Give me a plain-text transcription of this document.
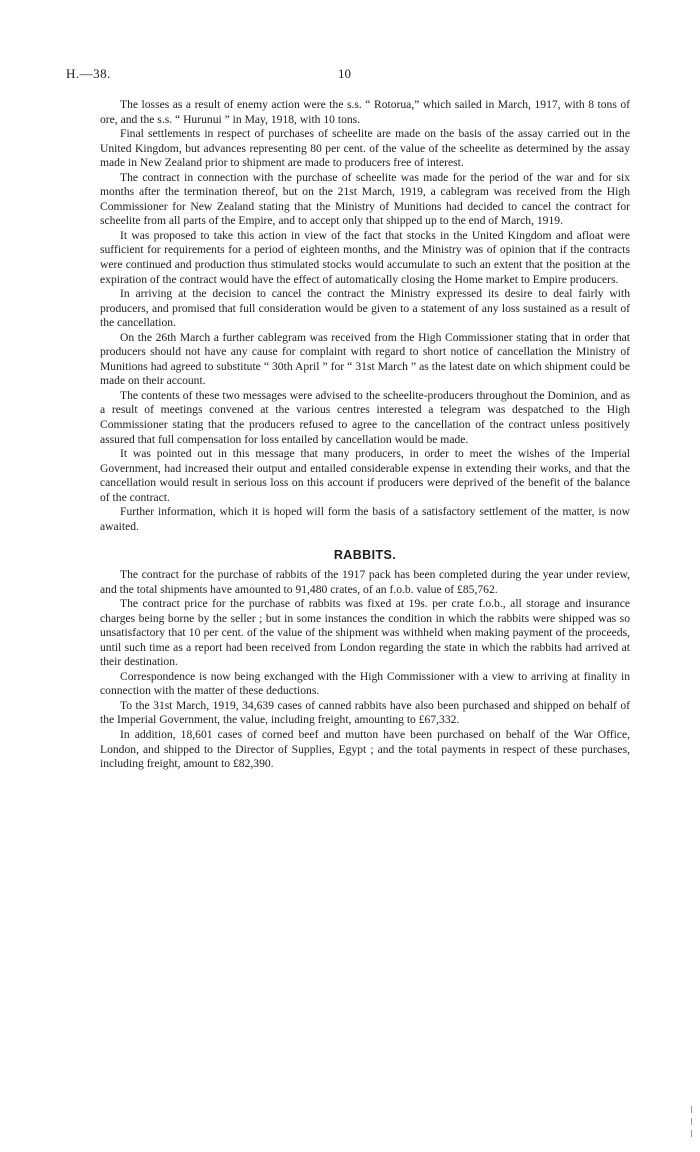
H.—38.	10

The losses as a result of enemy action were the s.s. “ Rotorua,” which sailed in March, 1917, with 8 tons of ore, and the s.s. “ Hurunui ” in May, 1918, with 10 tons.

Final settlements in respect of purchases of scheelite are made on the basis of the assay carried out in the United Kingdom, but advances representing 80 per cent. of the value of the scheelite as determined by the assay made in New Zealand prior to shipment are made to producers free of interest.

The contract in connection with the purchase of scheelite was made for the period of the war and for six months after the termination thereof, but on the 21st March, 1919, a cablegram was received from the High Commissioner for New Zealand stating that the Ministry of Munitions had decided to cancel the contract for scheelite from all parts of the Empire, and to accept only that shipped up to the end of March, 1919.

It was proposed to take this action in view of the fact that stocks in the United Kingdom and afloat were sufficient for requirements for a period of eighteen months, and the Ministry was of opinion that if the contracts were continued and production thus stimulated stocks would accumulate to such an extent that the position at the expiration of the contract would have the effect of automatically closing the Home market to Empire producers.

In arriving at the decision to cancel the contract the Ministry expressed its desire to deal fairly with producers, and promised that full consideration would be given to a statement of any loss sustained as a result of the cancellation.

On the 26th March a further cablegram was received from the High Commissioner stating that in order that producers should not have any cause for complaint with regard to short notice of cancellation the Ministry of Munitions had agreed to substitute “ 30th April ” for “ 31st March ” as the latest date on which shipment could be made on their account.

The contents of these two messages were advised to the scheelite-producers throughout the Dominion, and as a result of meetings convened at the various centres interested a telegram was despatched to the High Commissioner stating that the producers refused to agree to the cancellation of the contract unless positively assured that full compensation for loss entailed by cancellation would be made.

It was pointed out in this message that many producers, in order to meet the wishes of the Imperial Government, had increased their output and entailed considerable expense in extending their works, and that the cancellation would result in serious loss on this account if producers were deprived of the benefit of the balance of the contract.

Further information, which it is hoped will form the basis of a satisfactory settlement of the matter, is now awaited.

RABBITS.

The contract for the purchase of rabbits of the 1917 pack has been completed during the year under review, and the total shipments have amounted to 91,480 crates, of an f.o.b. value of £85,762.

The contract price for the purchase of rabbits was fixed at 19s. per crate f.o.b., all storage and insurance charges being borne by the seller ; but in some instances the condition in which the rabbits were shipped was so unsatisfactory that 10 per cent. of the value of the shipment was withheld when making payment of the proceeds, until such time as a report had been received from London regarding the state in which the rabbits had arrived at their destination.

Correspondence is now being exchanged with the High Commissioner with a view to arriving at finality in connection with the matter of these deductions.

To the 31st March, 1919, 34,639 cases of canned rabbits have also been purchased and shipped on behalf of the Imperial Government, the value, including freight, amounting to £67,332.

In addition, 18,601 cases of corned beef and mutton have been purchased on behalf of the War Office, London, and shipped to the Director of Supplies, Egypt ; and the total payments in respect of these purchases, including freight, amount to £82,390.
